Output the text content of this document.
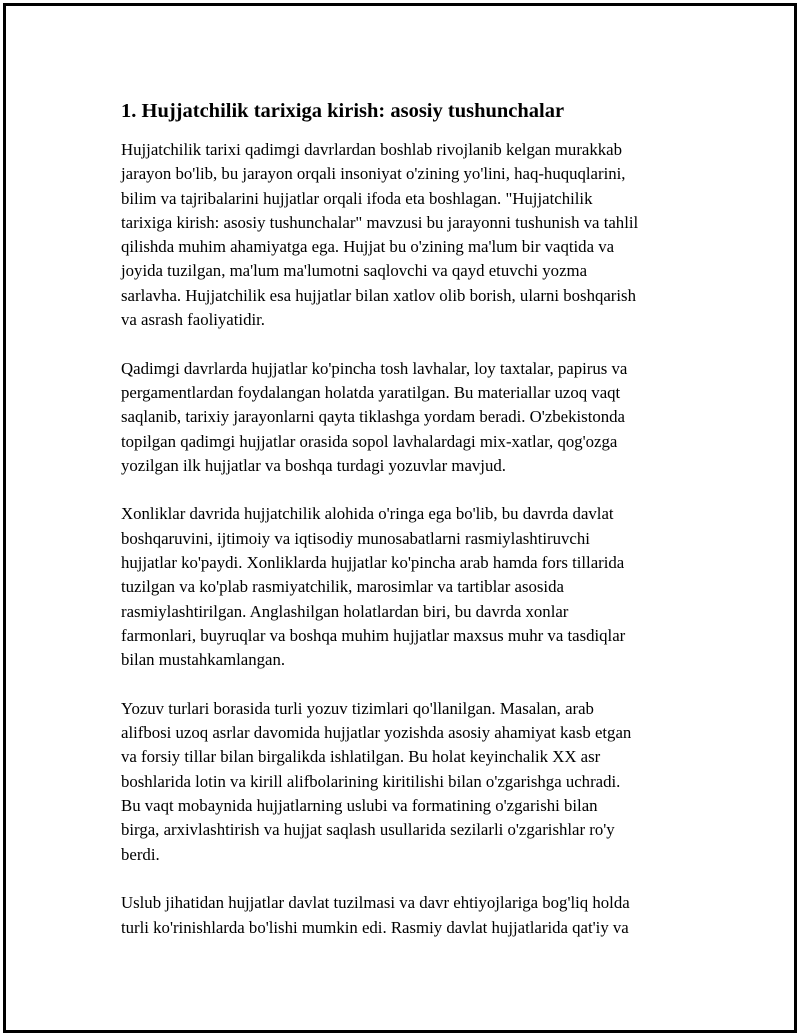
1. Hujjatchilik tarixiga kirish: asosiy tushunchalar

Hujjatchilik tarixi qadimgi davrlardan boshlab rivojlanib kelgan murakkab
jarayon bo'lib, bu jarayon orqali insoniyat o'zining yo'lini, haq-huquqlarini,
bilim va tajribalarini hujjatlar orqali ifoda eta boshlagan. "Hujjatchilik
tarixiga kirish: asosiy tushunchalar" mavzusi bu jarayonni tushunish va tahlil
qilishda muhim ahamiyatga ega. Hujjat bu o'zining ma'lum bir vaqtida va
joyida tuzilgan, ma'lum ma'lumotni saqlovchi va qayd etuvchi yozma
sarlavha. Hujjatchilik esa hujjatlar bilan xatlov olib borish, ularni boshqarish
va asrash faoliyatidir.

Qadimgi davrlarda hujjatlar ko'pincha tosh lavhalar, loy taxtalar, papirus va
pergamentlardan foydalangan holatda yaratilgan. Bu materiallar uzoq vaqt
saqlanib, tarixiy jarayonlarni qayta tiklashga yordam beradi. O'zbekistonda
topilgan qadimgi hujjatlar orasida sopol lavhalardagi mix-xatlar, qog'ozga
yozilgan ilk hujjatlar va boshqa turdagi yozuvlar mavjud.

Xonliklar davrida hujjatchilik alohida o'ringa ega bo'lib, bu davrda davlat
boshqaruvini, ijtimoiy va iqtisodiy munosabatlarni rasmiylashtiruvchi
hujjatlar ko'paydi. Xonliklarda hujjatlar ko'pincha arab hamda fors tillarida
tuzilgan va ko'plab rasmiyatchilik, marosimlar va tartiblar asosida
rasmiylashtirilgan. Anglashilgan holatlardan biri, bu davrda xonlar
farmonlari, buyruqlar va boshqa muhim hujjatlar maxsus muhr va tasdiqlar
bilan mustahkamlangan.

Yozuv turlari borasida turli yozuv tizimlari qo'llanilgan. Masalan, arab
alifbosi uzoq asrlar davomida hujjatlar yozishda asosiy ahamiyat kasb etgan
va forsiy tillar bilan birgalikda ishlatilgan. Bu holat keyinchalik XX asr
boshlarida lotin va kirill alifbolarining kiritilishi bilan o'zgarishga uchradi.
Bu vaqt mobaynida hujjatlarning uslubi va formatining o'zgarishi bilan
birga, arxivlashtirish va hujjat saqlash usullarida sezilarli o'zgarishlar ro'y
berdi.

Uslub jihatidan hujjatlar davlat tuzilmasi va davr ehtiyojlariga bog'liq holda
turli ko'rinishlarda bo'lishi mumkin edi. Rasmiy davlat hujjatlarida qat'iy va
